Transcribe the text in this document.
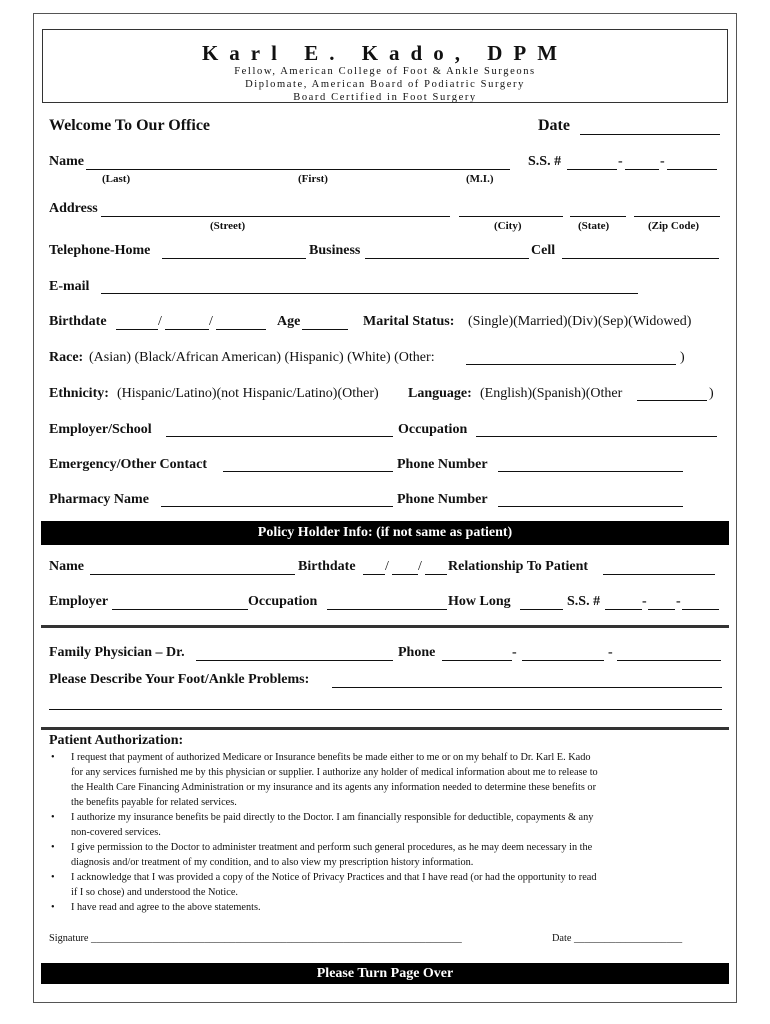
Karl E. Kado, DPM
Fellow, American College of Foot & Ankle Surgeons
Diplomate, American Board of Podiatric Surgery
Board Certified in Foot Surgery
Welcome To Our Office	Date
Name	S.S. #	-	-
(Last)	(First)	(M.I.)
Address
(Street)	(City)	(State)	(Zip Code)
Telephone-Home	Business	Cell
E-mail
Birthdate	/	/	Age	Marital Status: (Single)(Married)(Div)(Sep)(Widowed)
Race: (Asian) (Black/African American) (Hispanic) (White) (Other:	)
Ethnicity: (Hispanic/Latino)(not Hispanic/Latino)(Other) Language: (English)(Spanish)(Other	)
Employer/School	Occupation
Emergency/Other Contact	Phone Number
Pharmacy Name	Phone Number
Policy Holder Info: (if not same as patient)
Name	Birthdate / / Relationship To Patient
Employer	Occupation	How Long	S.S. #	- -
Family Physician – Dr.	Phone	-	-
Please Describe Your Foot/Ankle Problems:
Patient Authorization:
• I request that payment of authorized Medicare or Insurance benefits be made either to me or on my behalf to Dr. Karl E. Kado
for any services furnished me by this physician or supplier. I authorize any holder of medical information about me to release to
the Health Care Financing Administration or my insurance and its agents any information needed to determine these benefits or
the benefits payable for related services.
• I authorize my insurance benefits be paid directly to the Doctor. I am financially responsible for deductible, copayments & any
non-covered services.
• I give permission to the Doctor to administer treatment and perform such general procedures, as he may deem necessary in the
diagnosis and/or treatment of my condition, and to also view my prescription history information.
• I acknowledge that I was provided a copy of the Notice of Privacy Practices and that I have read (or had the opportunity to read
if I so chose) and understood the Notice.
• I have read and agree to the above statements.
Signature ________________________________________________________________________	Date _____________________
Please Turn Page Over
